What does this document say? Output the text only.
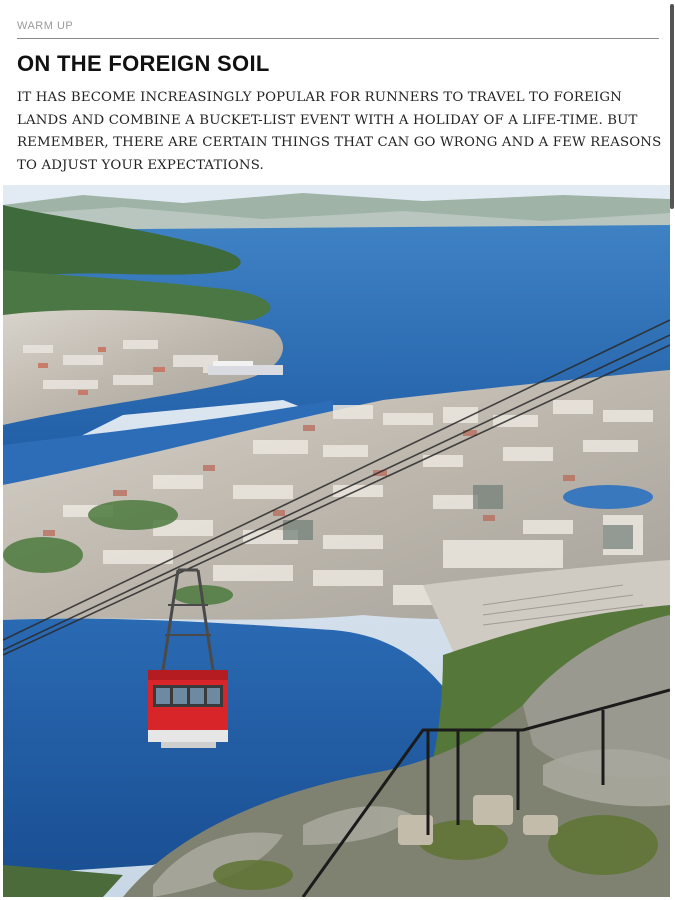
WARM UP
ON THE FOREIGN SOIL
IT HAS BECOME INCREASINGLY POPULAR FOR RUNNERS TO TRAVEL TO FOREIGN LANDS AND COMBINE A BUCKET-LIST EVENT WITH A HOLIDAY OF A LIFE-TIME. BUT REMEMBER, THERE ARE CERTAIN THINGS THAT CAN GO WRONG AND A FEW REASONS TO ADJUST YOUR EXPECTATIONS.
